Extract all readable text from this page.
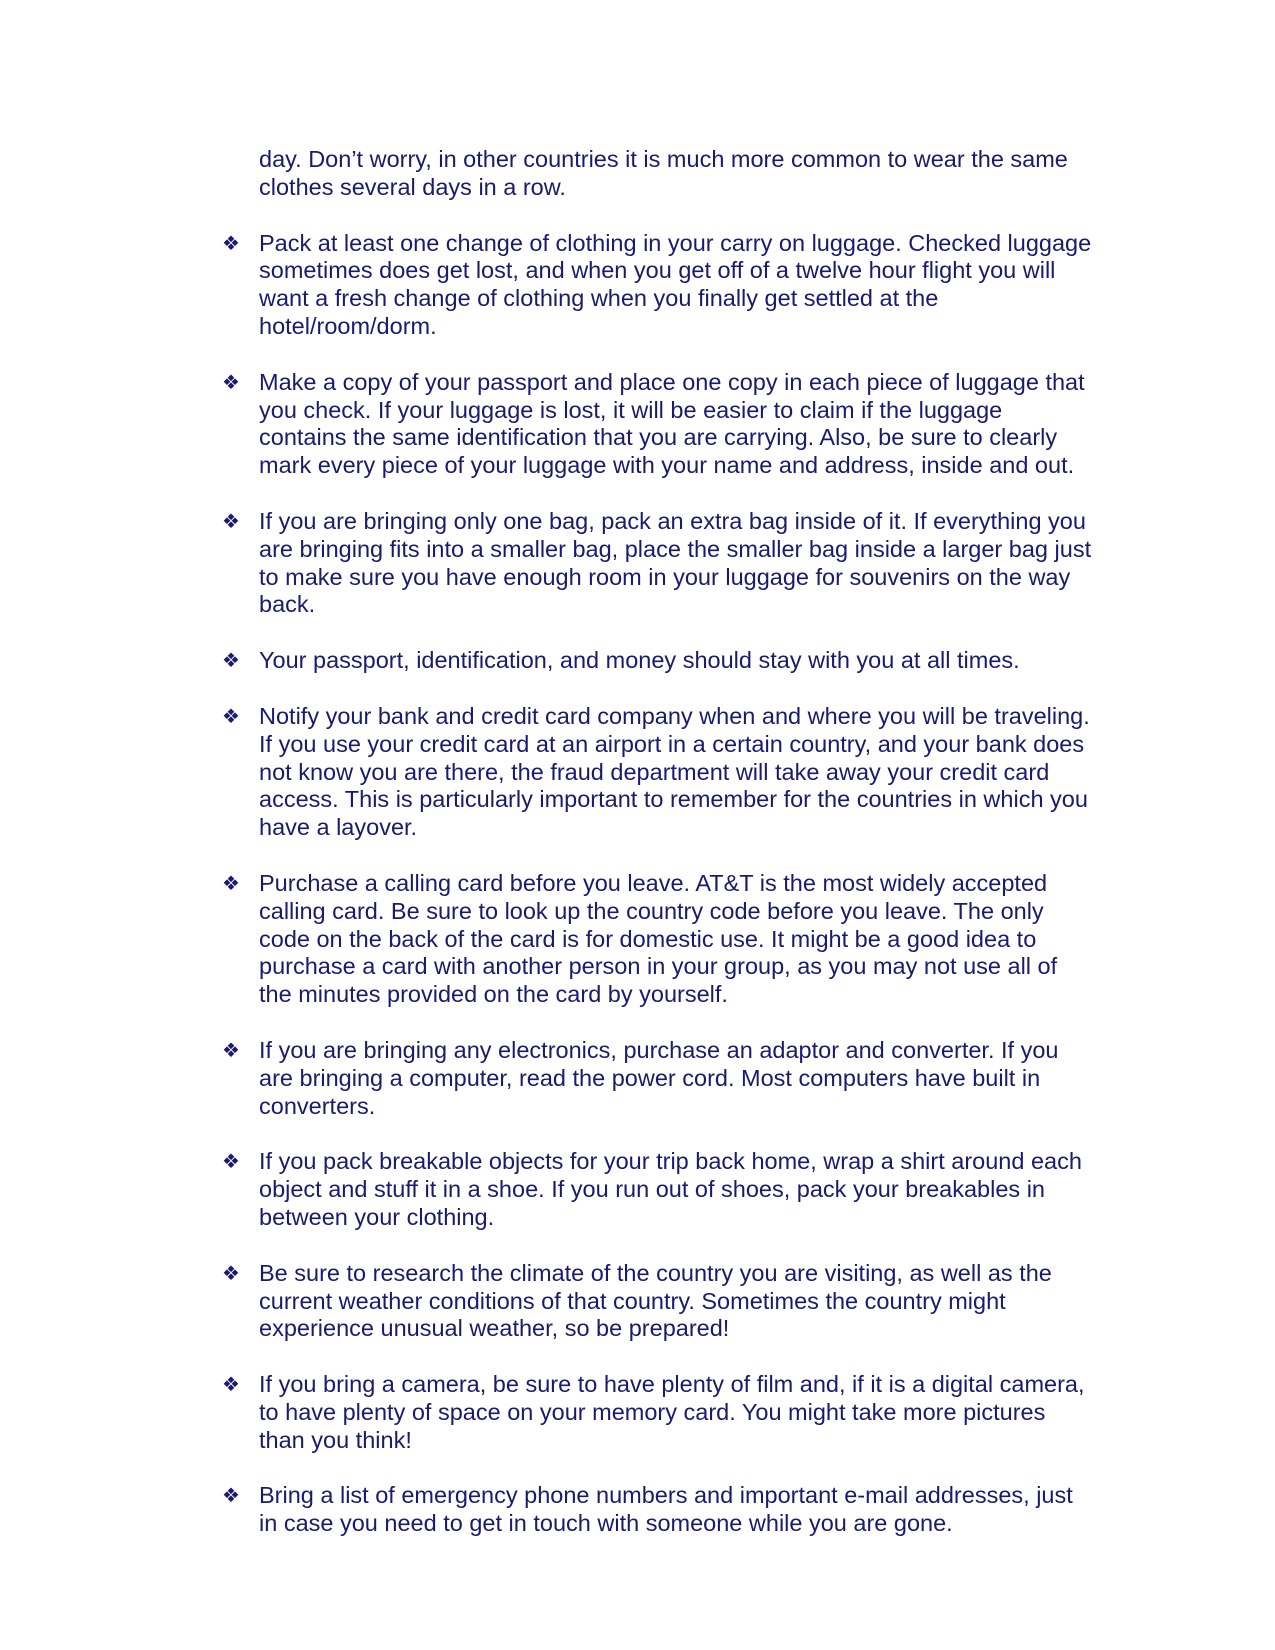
day. Don’t worry, in other countries it is much more common to wear the same clothes several days in a row.

❖ Pack at least one change of clothing in your carry on luggage. Checked luggage sometimes does get lost, and when you get off of a twelve hour flight you will want a fresh change of clothing when you finally get settled at the hotel/room/dorm.
❖ Make a copy of your passport and place one copy in each piece of luggage that you check. If your luggage is lost, it will be easier to claim if the luggage contains the same identification that you are carrying. Also, be sure to clearly mark every piece of your luggage with your name and address, inside and out.
❖ If you are bringing only one bag, pack an extra bag inside of it. If everything you are bringing fits into a smaller bag, place the smaller bag inside a larger bag just to make sure you have enough room in your luggage for souvenirs on the way back.
❖ Your passport, identification, and money should stay with you at all times.
❖ Notify your bank and credit card company when and where you will be traveling. If you use your credit card at an airport in a certain country, and your bank does not know you are there, the fraud department will take away your credit card access. This is particularly important to remember for the countries in which you have a layover.
❖ Purchase a calling card before you leave. AT&T is the most widely accepted calling card. Be sure to look up the country code before you leave. The only code on the back of the card is for domestic use. It might be a good idea to purchase a card with another person in your group, as you may not use all of the minutes provided on the card by yourself.
❖ If you are bringing any electronics, purchase an adaptor and converter. If you are bringing a computer, read the power cord. Most computers have built in converters.
❖ If you pack breakable objects for your trip back home, wrap a shirt around each object and stuff it in a shoe. If you run out of shoes, pack your breakables in between your clothing.
❖ Be sure to research the climate of the country you are visiting, as well as the current weather conditions of that country. Sometimes the country might experience unusual weather, so be prepared!
❖ If you bring a camera, be sure to have plenty of film and, if it is a digital camera, to have plenty of space on your memory card. You might take more pictures than you think!
❖ Bring a list of emergency phone numbers and important e-mail addresses, just in case you need to get in touch with someone while you are gone.
